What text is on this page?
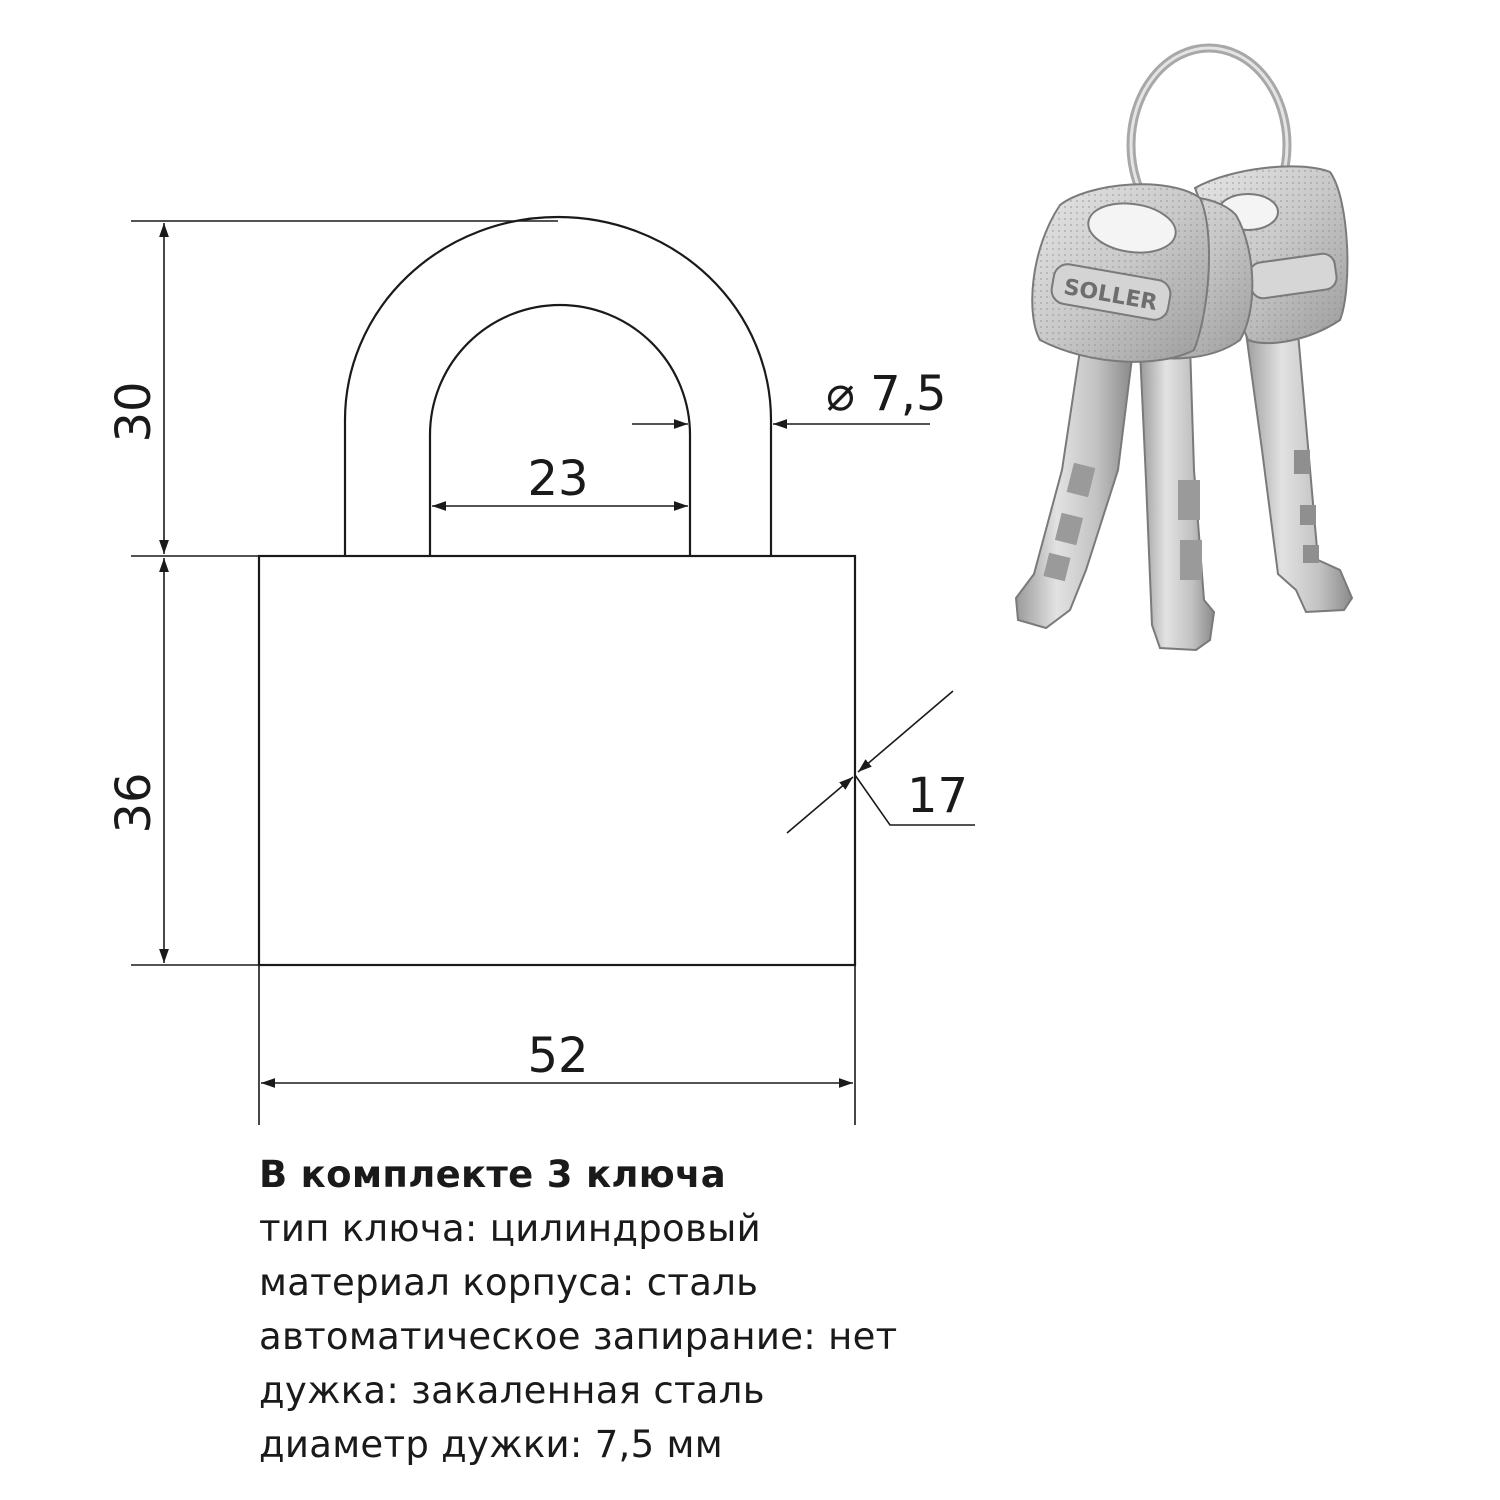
30
36
23
⌀ 7,5
17
52
SOLLER
В комплекте 3 ключа
тип ключа: цилиндровый
материал корпуса: сталь
автоматическое запирание: нет
дужка: закаленная сталь
диаметр дужки: 7,5 мм
